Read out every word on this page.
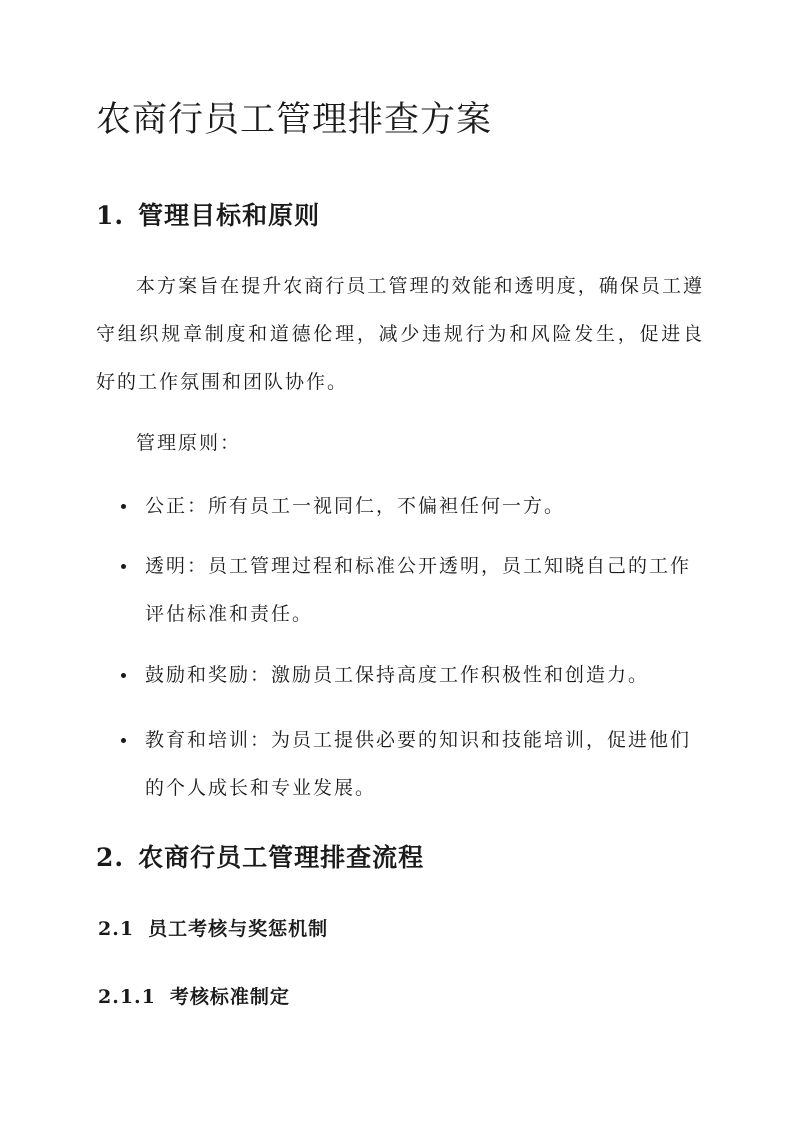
农商行员工管理排查方案
1. 管理目标和原则

本方案旨在提升农商行员工管理的效能和透明度，确保员工遵守组织规章制度和道德伦理，减少违规行为和风险发生，促进良好的工作氛围和团队协作。

管理原则：

公正：所有员工一视同仁，不偏袒任何一方。
透明：员工管理过程和标准公开透明，员工知晓自己的工作评估标准和责任。
鼓励和奖励：激励员工保持高度工作积极性和创造力。
教育和培训：为员工提供必要的知识和技能培训，促进他们的个人成长和专业发展。
2. 农商行员工管理排查流程
2.1 员工考核与奖惩机制
2.1.1 考核标准制定
